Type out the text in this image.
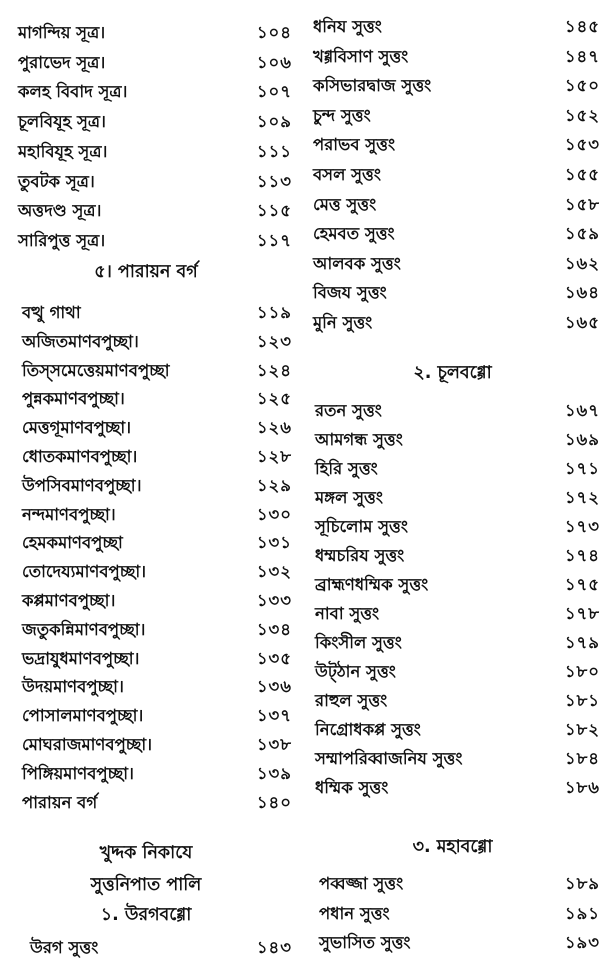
মাগন্দিয় সূত্র।	১০৪
পুরাভেদ সূত্র।	১০৬
কলহ বিবাদ সূত্র।	১০৭
চূলবিযূহ সূত্র।	১০৯
মহাবিযূহ সূত্র।	১১১
তুবটক সূত্র।	১১৩
অত্তদণ্ড সূত্র।	১১৫
সারিপুত্ত সূত্র।	১১৭
৫। পারায়ন বর্গ
বত্থু গাথা	১১৯
অজিতমাণবপুচ্ছা।	১২৩
তিস্সমেত্তেয়মাণবপুচ্ছা	১২৪
পুন্নকমাণবপুচ্ছা।	১২৫
মেত্তগূমাণবপুচ্ছা।	১২৬
ধোতকমাণবপুচ্ছা।	১২৮
উপসিবমাণবপুচ্ছা।	১২৯
নন্দমাণবপুচ্ছা।	১৩০
হেমকমাণবপুচ্ছা	১৩১
তোদেয্যমাণবপুচ্ছা।	১৩২
কপ্পমাণবপুচ্ছা।	১৩৩
জতুকন্নিমাণবপুচ্ছা।	১৩৪
ভদ্রাযুধমাণবপুচ্ছা।	১৩৫
উদয়মাণবপুচ্ছা।	১৩৬
পোসালমাণবপুচ্ছা।	১৩৭
মোঘরাজমাণবপুচ্ছা।	১৩৮
পিঙ্গিয়মাণবপুচ্ছা।	১৩৯
পারায়ন বর্গ	১৪০
খুদ্দক নিকাযে
সুত্তনিপাত পালি
১. উরগবগ্গো
উরগ সুত্তং	১৪৩
ধনিয সুত্তং	১৪৫
খগ্গবিসাণ সুত্তং	১৪৭
কসিভারদ্বাজ সুত্তং	১৫০
চুন্দ সুত্তং	১৫২
পরাভব সুত্তং	১৫৩
বসল সুত্তং	১৫৫
মেত্ত সুত্তং	১৫৮
হেমবত সুত্তং	১৫৯
আলবক সুত্তং	১৬২
বিজয সুত্তং	১৬৪
মুনি সুত্তং	১৬৫
২. চূলবগ্গো
রতন সুত্তং	১৬৭
আমগন্ধ সুত্তং	১৬৯
হিরি সুত্তং	১৭১
মঙ্গল সুত্তং	১৭২
সূচিলোম সুত্তং	১৭৩
ধম্মচরিয সুত্তং	১৭৪
ব্রাহ্মণধম্মিক সুত্তং	১৭৫
নাবা সুত্তং	১৭৮
কিংসীল সুত্তং	১৭৯
উট্ঠান সুত্তং	১৮০
রাহুল সুত্তং	১৮১
নিগ্রোধকপ্প সুত্তং	১৮২
সম্মাপরিব্বাজনিয সুত্তং	১৮৪
ধম্মিক সুত্তং	১৮৬
৩. মহাবগ্গো
পব্বজ্জা সুত্তং	১৮৯
পধান সুত্তং	১৯১
সুভাসিত সুত্তং	১৯৩
